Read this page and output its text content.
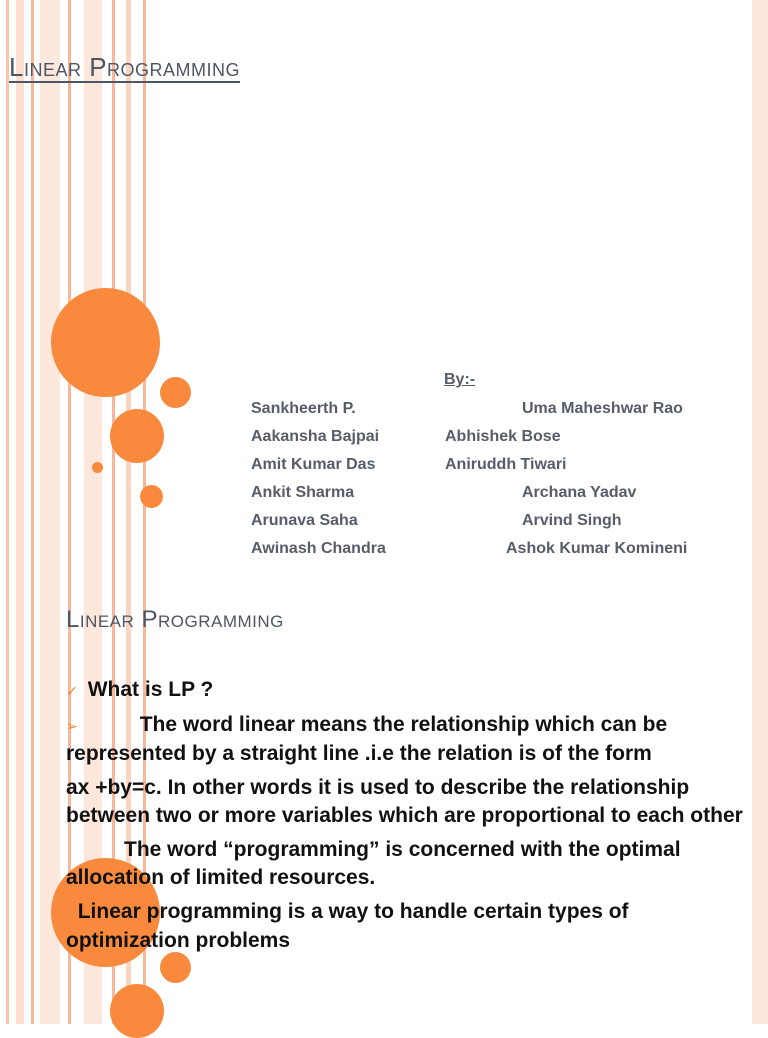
Linear Programming
By:-
Sankheerth P.	Uma Maheshwar Rao
Aakansha Bajpai	Abhishek Bose
Amit Kumar Das	Aniruddh Tiwari
Ankit Sharma	Archana Yadav
Arunava Saha	Arvind Singh
Awinash Chandra	Ashok Kumar Komineni
Linear Programming

✓ What is LP ?

➢	The word linear means the relationship which can be represented by a straight line .i.e the relation is of the form

ax +by=c. In other words it is used to describe the relationship between two or more variables which are proportional to each other

The word “programming” is concerned with the optimal allocation of limited resources.

➢Linear programming is a way to handle certain types of optimization problems
